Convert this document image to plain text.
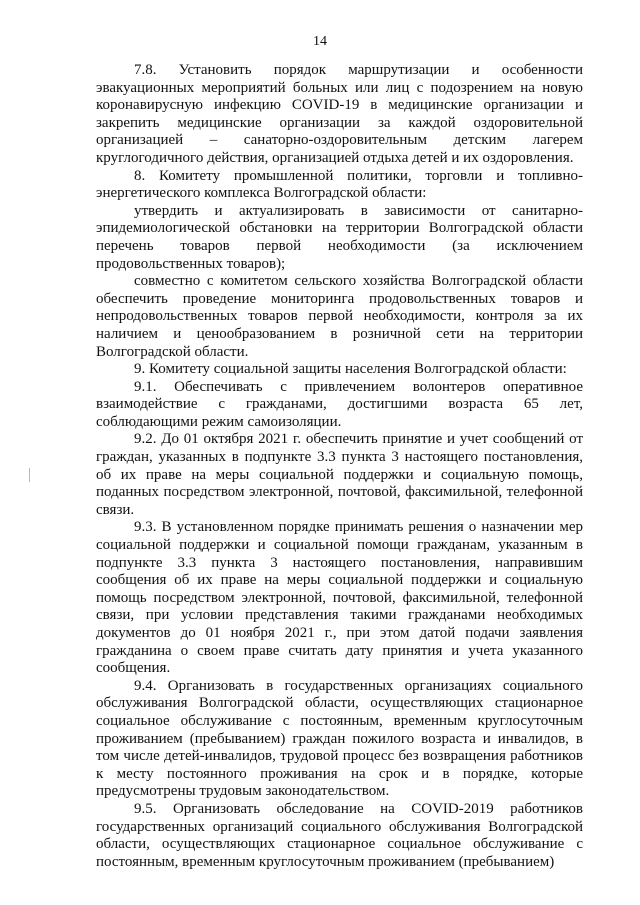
14

7.8. Установить порядок маршрутизации и особенности эвакуационных мероприятий больных или лиц с подозрением на новую коронавирусную инфекцию COVID-19 в медицинские организации и закрепить медицинские организации за каждой оздоровительной организацией – санаторно-оздоровительным детским лагерем круглогодичного действия, организацией отдыха детей и их оздоровления.

8. Комитету промышленной политики, торговли и топливно-энергетического комплекса Волгоградской области:

утвердить и актуализировать в зависимости от санитарно-эпидемиологической обстановки на территории Волгоградской области перечень товаров первой необходимости (за исключением продовольственных товаров);

совместно с комитетом сельского хозяйства Волгоградской области обеспечить проведение мониторинга продовольственных товаров и непродовольственных товаров первой необходимости, контроля за их наличием и ценообразованием в розничной сети на территории Волгоградской области.

9. Комитету социальной защиты населения Волгоградской области:

9.1. Обеспечивать с привлечением волонтеров оперативное взаимодействие с гражданами, достигшими возраста 65 лет, соблюдающими режим самоизоляции.

9.2. До 01 октября 2021 г. обеспечить принятие и учет сообщений от граждан, указанных в подпункте 3.3 пункта 3 настоящего постановления, об их праве на меры социальной поддержки и социальную помощь, поданных посредством электронной, почтовой, факсимильной, телефонной связи.

9.3. В установленном порядке принимать решения о назначении мер социальной поддержки и социальной помощи гражданам, указанным в подпункте 3.3 пункта 3 настоящего постановления, направившим сообщения об их праве на меры социальной поддержки и социальную помощь посредством электронной, почтовой, факсимильной, телефонной связи, при условии представления такими гражданами необходимых документов до 01 ноября 2021 г., при этом датой подачи заявления гражданина о своем праве считать дату принятия и учета указанного сообщения.

9.4. Организовать в государственных организациях социального обслуживания Волгоградской области, осуществляющих стационарное социальное обслуживание с постоянным, временным круглосуточным проживанием (пребыванием) граждан пожилого возраста и инвалидов, в том числе детей-инвалидов, трудовой процесс без возвращения работников к месту постоянного проживания на срок и в порядке, которые предусмотрены трудовым законодательством.

9.5. Организовать обследование на COVID-2019 работников государственных организаций социального обслуживания Волгоградской области, осуществляющих стационарное социальное обслуживание с постоянным, временным круглосуточным проживанием (пребыванием)
